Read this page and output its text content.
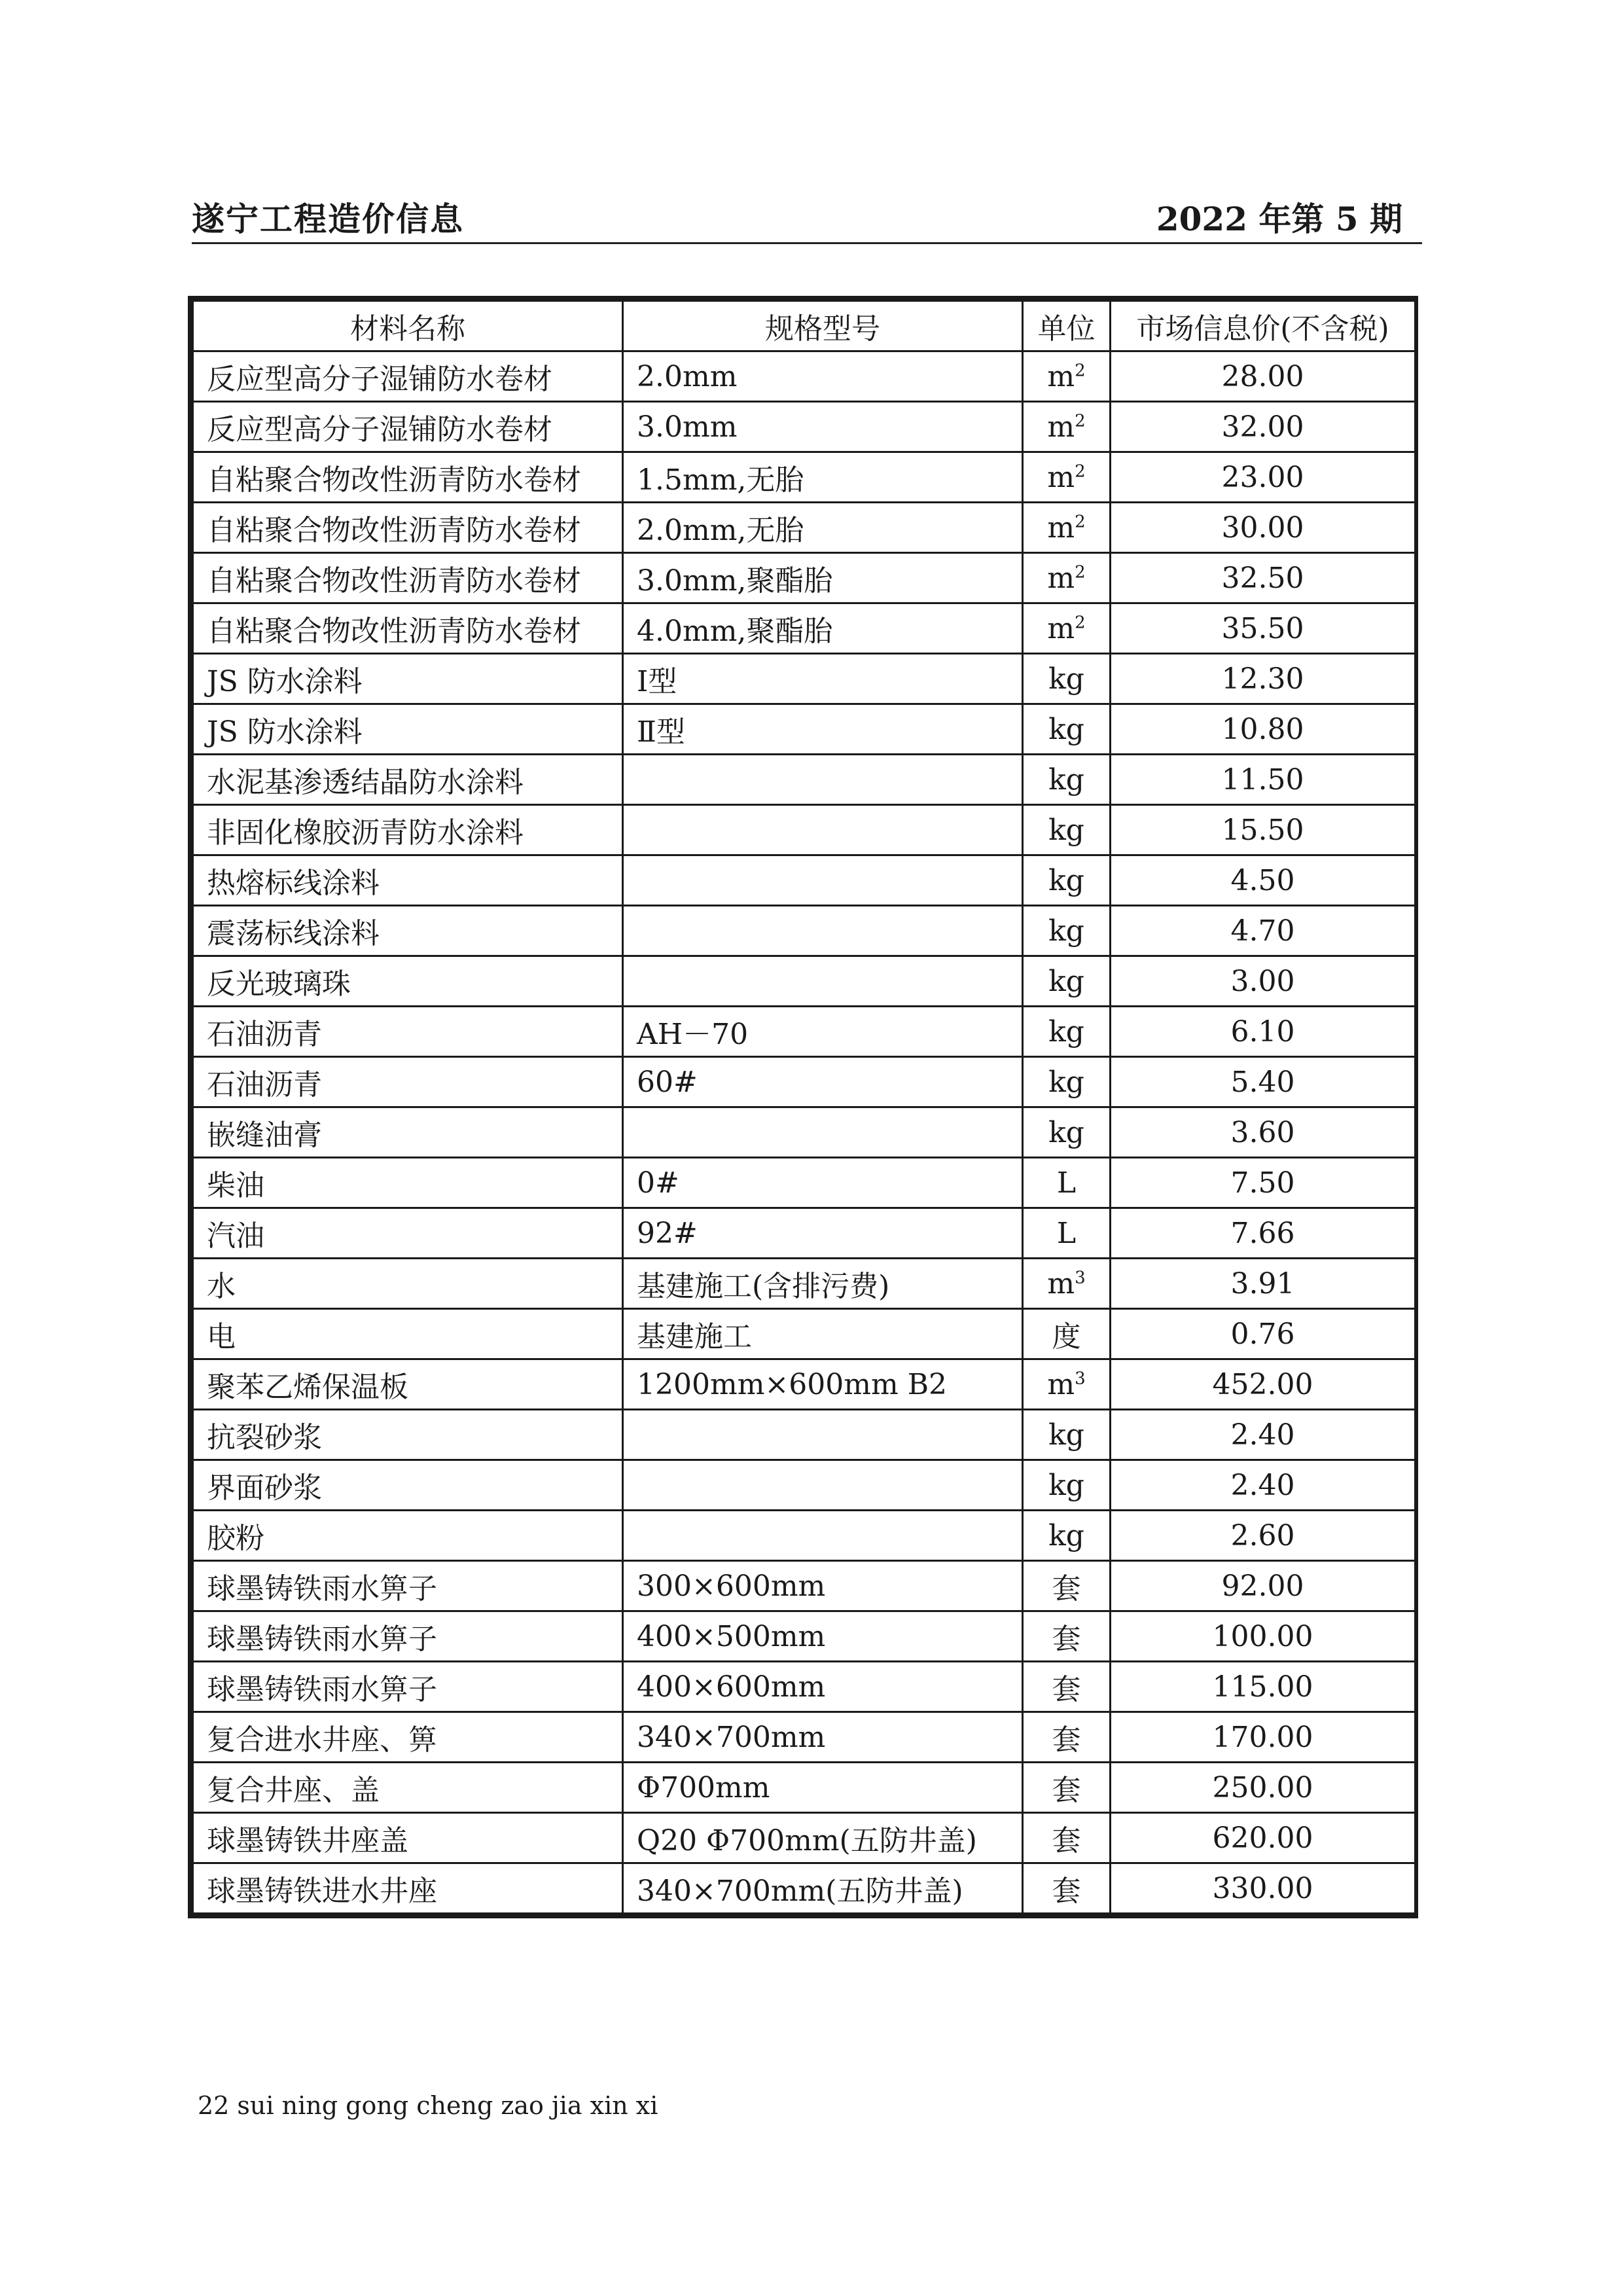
遂宁工程造价信息	2022 年第 5 期
材料名称	规格型号	单位	市场信息价(不含税)
反应型高分子湿铺防水卷材	2.0mm	$m^2$	28.00
反应型高分子湿铺防水卷材	3.0mm	$m^2$	32.00
自粘聚合物改性沥青防水卷材	1.5mm,无胎	$m^2$	23.00
自粘聚合物改性沥青防水卷材	2.0mm,无胎	$m^2$	30.00
自粘聚合物改性沥青防水卷材	3.0mm,聚酯胎	$m^2$	32.50
自粘聚合物改性沥青防水卷材	4.0mm,聚酯胎	$m^2$	35.50
JS 防水涂料	Ⅰ型	kg	12.30
JS 防水涂料	Ⅱ型	kg	10.80
水泥基渗透结晶防水涂料		kg	11.50
非固化橡胶沥青防水涂料		kg	15.50
热熔标线涂料		kg	4.50
震荡标线涂料		kg	4.70
反光玻璃珠		kg	3.00
石油沥青	AH－70	kg	6.10
石油沥青	60#	kg	5.40
嵌缝油膏		kg	3.60
柴油	0#	L	7.50
汽油	92#	L	7.66
水	基建施工(含排污费)	$m^3$	3.91
电	基建施工	度	0.76
聚苯乙烯保温板	1200mm×600mm B2	$m^3$	452.00
抗裂砂浆		kg	2.40
界面砂浆		kg	2.40
胶粉		kg	2.60
球墨铸铁雨水箅子	300×600mm	套	92.00
球墨铸铁雨水箅子	400×500mm	套	100.00
球墨铸铁雨水箅子	400×600mm	套	115.00
复合进水井座、箅	340×700mm	套	170.00
复合井座、盖	Φ700mm	套	250.00
球墨铸铁井座盖	Q20 Φ700mm(五防井盖)	套	620.00
球墨铸铁进水井座	340×700mm(五防井盖)	套	330.00
22 sui ning gong cheng zao jia xin xi
